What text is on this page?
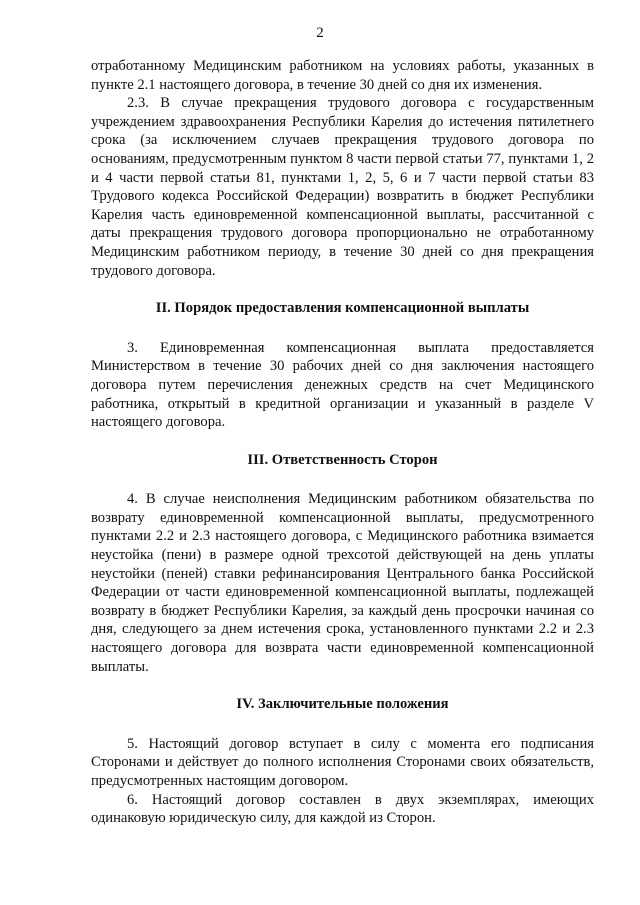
2

отработанному Медицинским работником на условиях работы, указанных в пункте 2.1 настоящего договора, в течение 30 дней со дня их изменения.

2.3. В случае прекращения трудового договора с государственным учреждением здравоохранения Республики Карелия до истечения пятилетнего срока (за исключением случаев прекращения трудового договора по основаниям, предусмотренным пунктом 8 части первой статьи 77, пунктами 1, 2 и 4 части первой статьи 81, пунктами 1, 2, 5, 6 и 7 части первой статьи 83 Трудового кодекса Российской Федерации) возвратить в бюджет Республики Карелия часть единовременной компенсационной выплаты, рассчитанной с даты прекращения трудового договора пропорционально не отработанному Медицинским работником периоду, в течение 30 дней со дня прекращения трудового договора.

II. Порядок предоставления компенсационной выплаты

3. Единовременная компенсационная выплата предоставляется Министерством в течение 30 рабочих дней со дня заключения настоящего договора путем перечисления денежных средств на счет Медицинского работника, открытый в кредитной организации и указанный в разделе V настоящего договора.

III. Ответственность Сторон

4. В случае неисполнения Медицинским работником обязательства по возврату единовременной компенсационной выплаты, предусмотренного пунктами 2.2 и 2.3 настоящего договора, с Медицинского работника взимается неустойка (пени) в размере одной трехсотой действующей на день уплаты неустойки (пеней) ставки рефинансирования Центрального банка Российской Федерации от части единовременной компенсационной выплаты, подлежащей возврату в бюджет Республики Карелия, за каждый день просрочки начиная со дня, следующего за днем истечения срока, установленного пунктами 2.2 и 2.3 настоящего договора для возврата части единовременной компенсационной выплаты.

IV. Заключительные положения

5. Настоящий договор вступает в силу с момента его подписания Сторонами и действует до полного исполнения Сторонами своих обязательств, предусмотренных настоящим договором.

6. Настоящий договор составлен в двух экземплярах, имеющих одинаковую юридическую силу, для каждой из Сторон.
